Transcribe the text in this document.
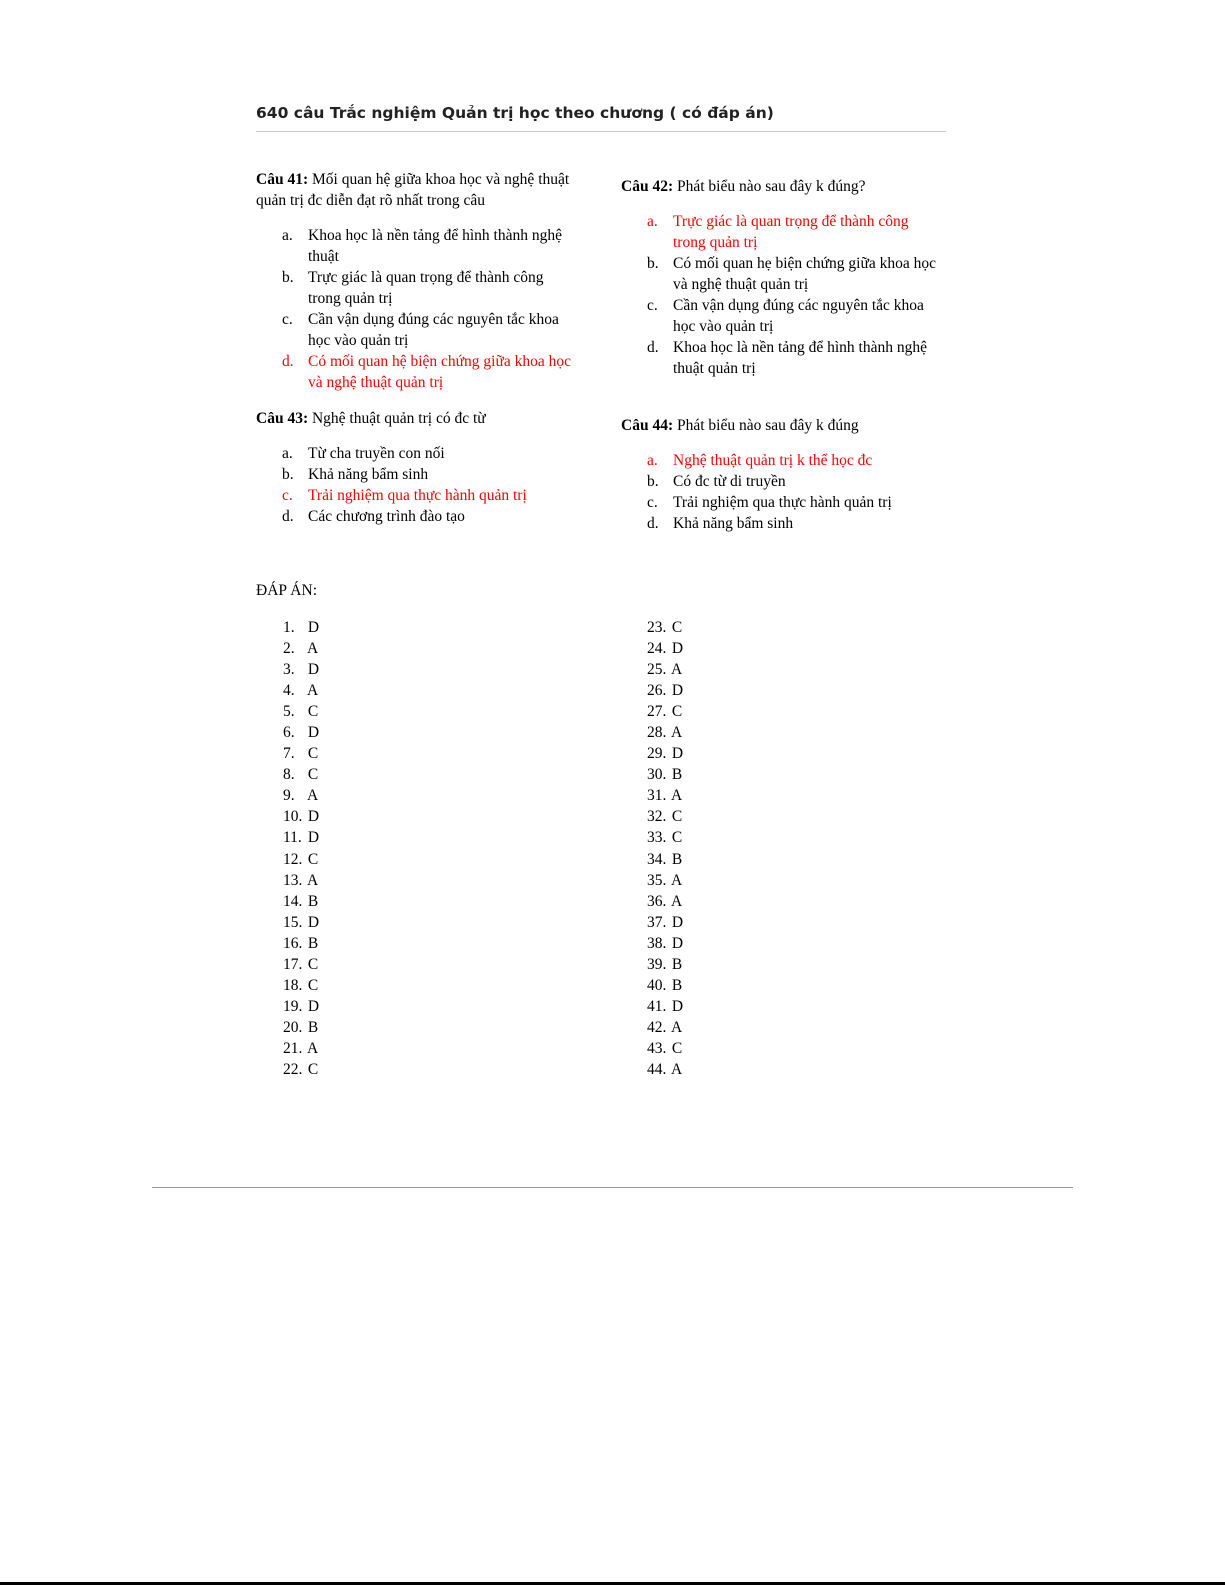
640 câu Trắc nghiệm Quản trị học theo chương ( có đáp án)

Câu 41: Mối quan hệ giữa khoa học và nghệ thuật quản trị đc diễn đạt rõ nhất trong câu

a. Khoa học là nền tảng để hình thành nghệ thuật
b. Trực giác là quan trọng để thành công trong quản trị
c. Cần vận dụng đúng các nguyên tắc khoa học vào quản trị
d. Có mối quan hệ biện chứng giữa khoa học và nghệ thuật quản trị

Câu 42: Phát biểu nào sau đây k đúng?

a. Trực giác là quan trọng để thành công trong quản trị
b. Có mối quan hẹ biện chứng giữa khoa học và nghệ thuật quản trị
c. Cần vận dụng đúng các nguyên tắc khoa học vào quản trị
d. Khoa học là nền tảng để hình thành nghệ thuật quản trị

Câu 43: Nghệ thuật quản trị có đc từ

a. Từ cha truyền con nối
b. Khả năng bẩm sinh
c. Trải nghiệm qua thực hành quản trị
d. Các chương trình đào tạo

Câu 44: Phát biểu nào sau đây k đúng

a. Nghệ thuật quản trị k thể học đc
b. Có đc từ di truyền
c. Trải nghiệm qua thực hành quản trị
d. Khả năng bẩm sinh
ĐÁP ÁN:
1. D
2. A
3. D
4. A
5. C
6. D
7. C
8. C
9. A
10. D
11. D
12. C
13. A
14. B
15. D
16. B
17. C
18. C
19. D
20. B
21. A
22. C
23. C
24. D
25. A
26. D
27. C
28. A
29. D
30. B
31. A
32. C
33. C
34. B
35. A
36. A
37. D
38. D
39. B
40. B
41. D
42. A
43. C
44. A
